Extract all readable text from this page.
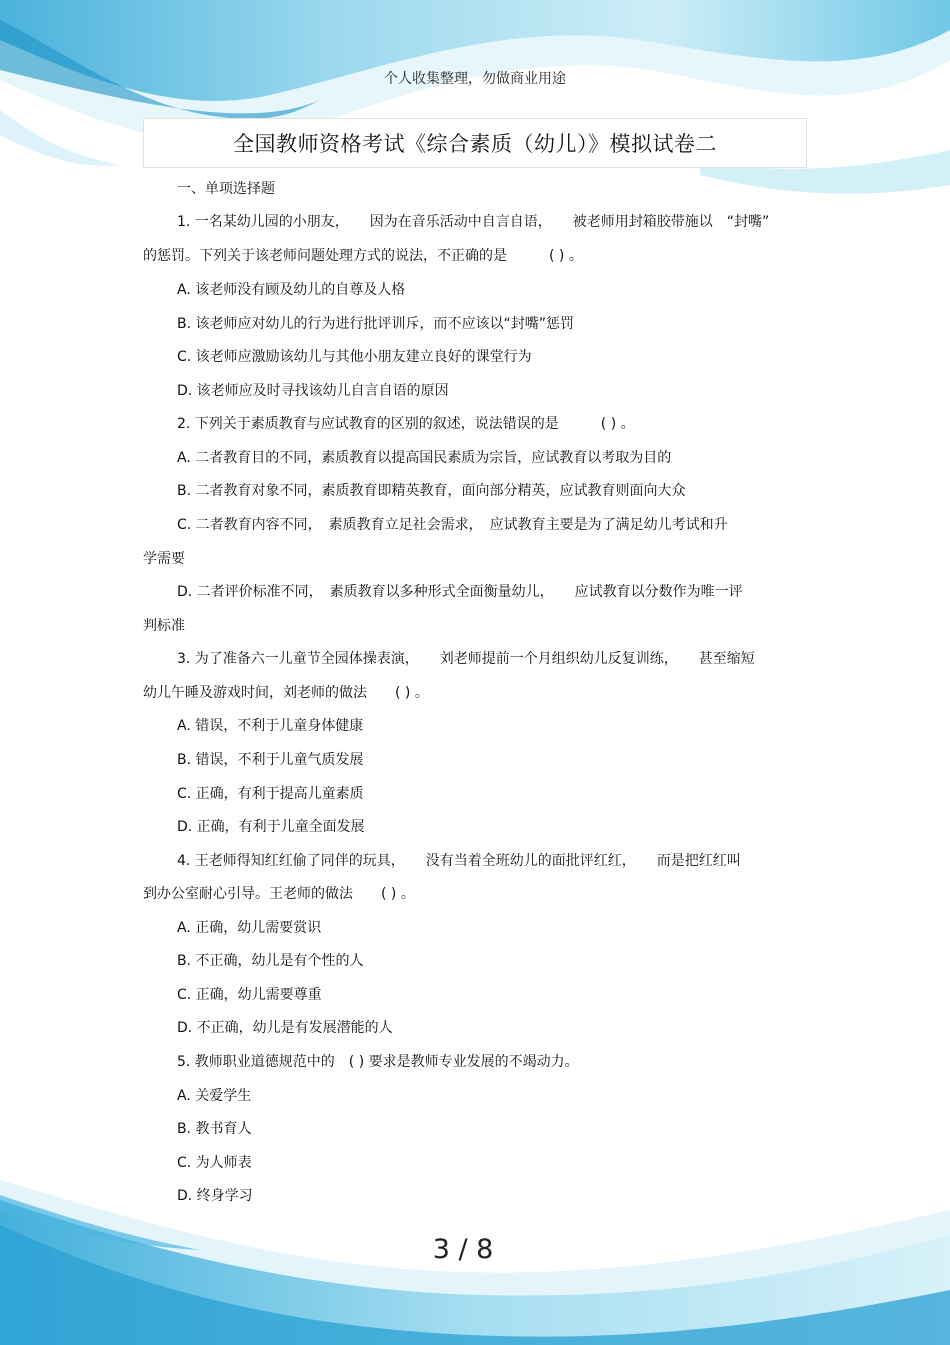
个人收集整理，勿做商业用途
全国教师资格考试《综合素质（幼儿）》模拟试卷二
一、单项选择题
1. 一名某幼儿园的小朋友，　　因为在音乐活动中自言自语，　　被老师用封箱胶带施以　“封嘴”
的惩罚。下列关于该老师问题处理方式的说法，不正确的是　　　( ) 。
A. 该老师没有顾及幼儿的自尊及人格
B. 该老师应对幼儿的行为进行批评训斥，而不应该以“封嘴”惩罚
C. 该老师应激励该幼儿与其他小朋友建立良好的课堂行为
D. 该老师应及时寻找该幼儿自言自语的原因
2. 下列关于素质教育与应试教育的区别的叙述，说法错误的是　　　( ) 。
A. 二者教育目的不同，素质教育以提高国民素质为宗旨，应试教育以考取为目的
B. 二者教育对象不同，素质教育即精英教育，面向部分精英，应试教育则面向大众
C. 二者教育内容不同，　素质教育立足社会需求，　应试教育主要是为了满足幼儿考试和升
学需要
D. 二者评价标准不同，　素质教育以多种形式全面衡量幼儿，　　应试教育以分数作为唯一评
判标准
3. 为了准备六一儿童节全园体操表演，　　刘老师提前一个月组织幼儿反复训练，　　甚至缩短
幼儿午睡及游戏时间，刘老师的做法　　( ) 。
A. 错误，不利于儿童身体健康
B. 错误，不利于儿童气质发展
C. 正确，有利于提高儿童素质
D. 正确，有利于儿童全面发展
4. 王老师得知红红偷了同伴的玩具，　　没有当着全班幼儿的面批评红红，　　而是把红红叫
到办公室耐心引导。王老师的做法　　( ) 。
A. 正确，幼儿需要赏识
B. 不正确，幼儿是有个性的人
C. 正确，幼儿需要尊重
D. 不正确，幼儿是有发展潜能的人
5. 教师职业道德规范中的　( ) 要求是教师专业发展的不竭动力。
A. 关爱学生
B. 教书育人
C. 为人师表
D. 终身学习
3 / 8
